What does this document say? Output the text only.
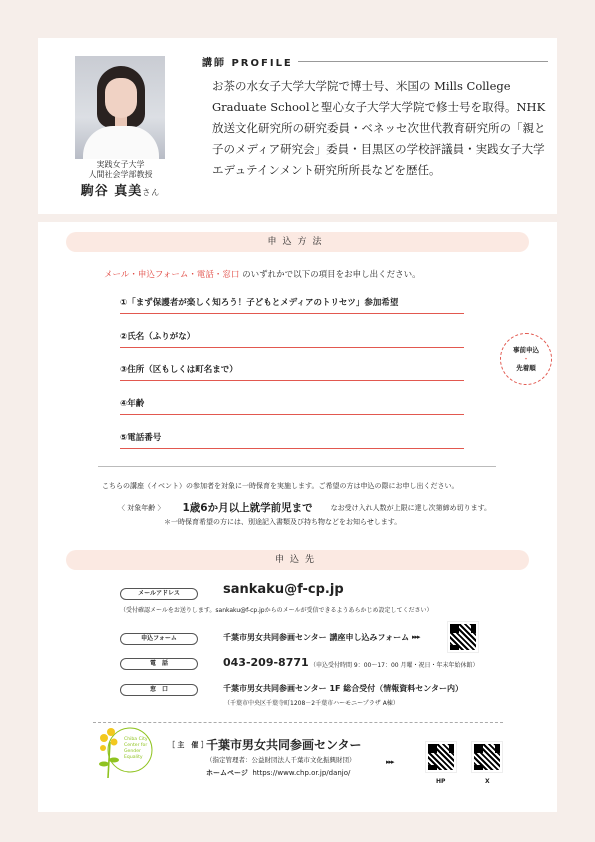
実践女子大学
人間社会学部教授
駒谷 真美さん
講師 PROFILE
お茶の水女子大学大学院で博士号、米国の Mills College Graduate Schoolと聖心女子大学大学院で修士号を取得。NHK放送文化研究所の研究委員・ベネッセ次世代教育研究所の「親と子のメディア研究会」委員・目黒区の学校評議員・実践女子大学エデュテインメント研究所所長などを歴任。
申込方法
メール・申込フォーム・電話・窓口 のいずれかで以下の項目をお申し出ください。
①「まず保護者が楽しく知ろう！子どもとメディアのトリセツ」参加希望
②氏名（ふりがな）
③住所（区もしくは町名まで）
④年齢
⑤電話番号
事前申込
・
先着順
こちらの講座（イベント）の参加者を対象に一時保育を実施します。ご希望の方は申込の際にお申し出ください。
〈 対象年齢 〉 1歳6か月以上就学前児まで	なお受け入れ人数が上限に達し次第締め切ります。
＊一時保育希望の方には、別途記入書類及び持ち物などをお知らせします。
申込先
メールアドレス	sankaku@f-cp.jp
（受付確認メールをお送りします。sankaku@f-cp.jpからのメールが受信できるようあらかじめ設定してください）
申込フォーム	千葉市男女共同参画センター 講座申し込みフォーム ▸▸▸
電　話	043-209-8771 （申込受付時間 9：00～17：00 月曜・祝日・年末年始休館）
窓　口	千葉市男女共同参画センター 1F 総合受付（情報資料センター内）
（千葉市中央区千葉寺町1208－2千葉市ハーモニープラザ A棟）
Chiba City
Center for
Gender
Equality
［ 主　催 ］
千葉市男女共同参画センター
（指定管理者：公益財団法人千葉市文化振興財団）
ホームページ https://www.chp.or.jp/danjo/
▸▸▸
HP	X
